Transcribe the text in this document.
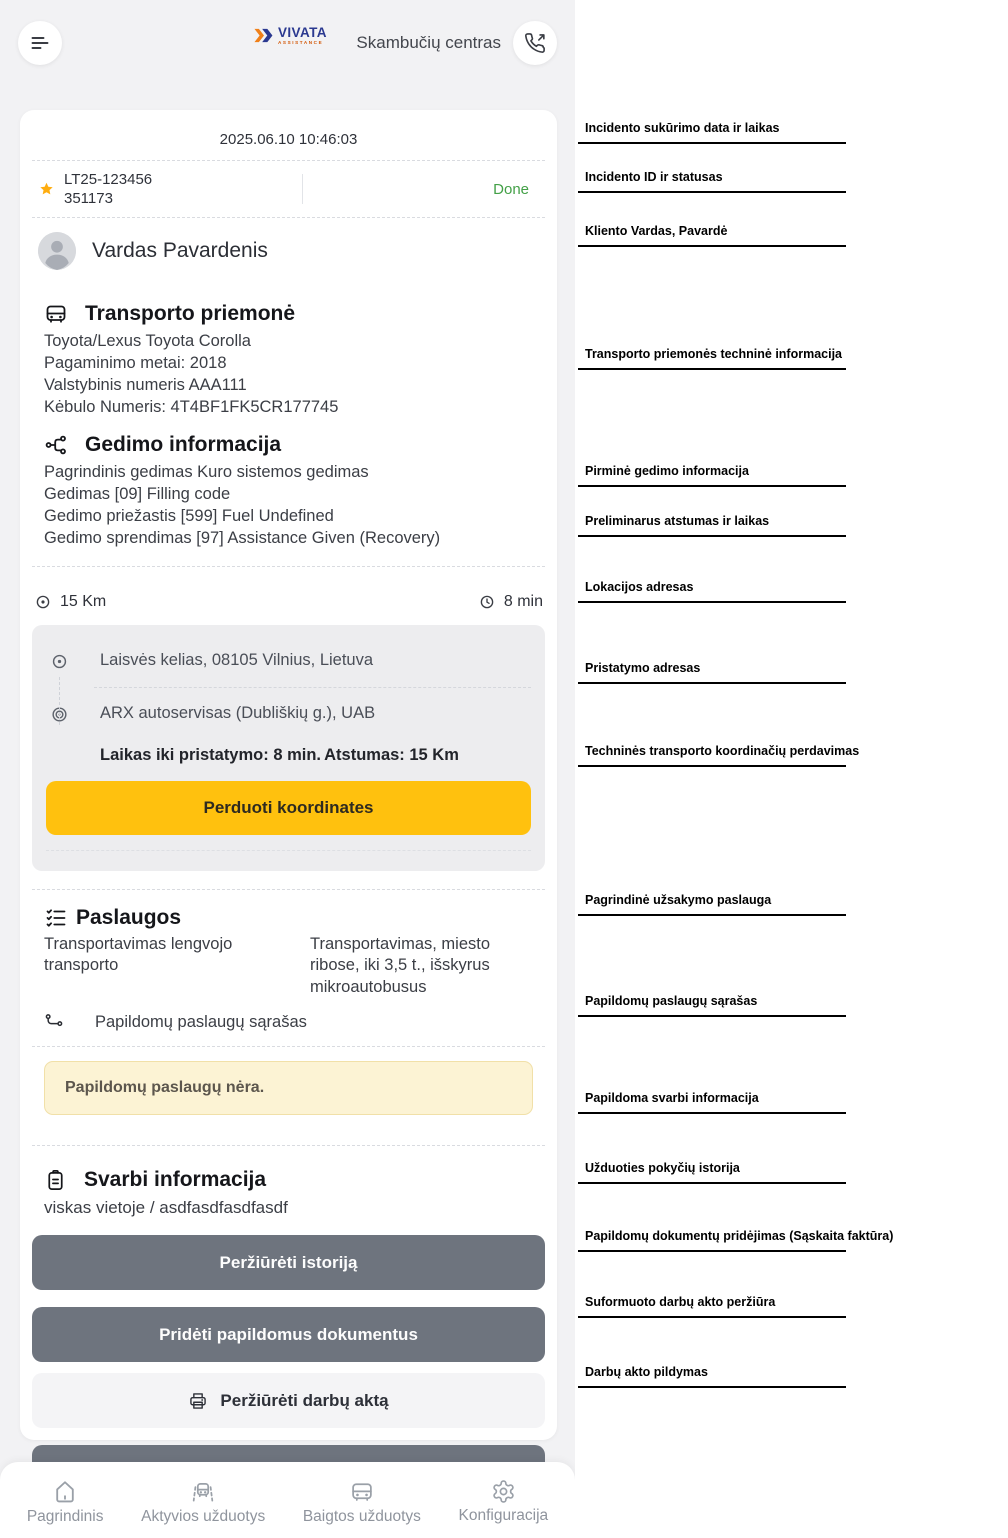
VIVATA
ASSISTANCE Skambučių centras
2025.06.10 10:46:03
LT25-123456
351173
Done
Vardas Pavardenis
Transporto priemonė
Toyota/Lexus Toyota Corolla
Pagaminimo metai: 2018
Valstybinis numeris AAA111
Kėbulo Numeris: 4T4BF1FK5CR177745
Gedimo informacija
Pagrindinis gedimas Kuro sistemos gedimas
Gedimas [09] Filling code
Gedimo priežastis [599] Fuel Undefined
Gedimo sprendimas [97] Assistance Given (Recovery)
15 Km	8 min
Laisvės kelias, 08105 Vilnius, Lietuva
ARX autoservisas (Dubliškių g.), UAB
Laikas iki pristatymo: 8 min. Atstumas: 15 Km
Perduoti koordinates
Paslaugos
Transportavimas lengvojo transporto
Transportavimas, miesto ribose, iki 3,5 t., išskyrus mikroautobusus
Papildomų paslaugų sąrašas
Papildomų paslaugų nėra.
Svarbi informacija
viskas vietoje / asdfasdfasdfasdf
Peržiūrėti istoriją
Pridėti papildomus dokumentus
Peržiūrėti darbų aktą
Pagrindinis Aktyvios užduotys Baigtos užduotys Konfiguracija
Incidento sukūrimo data ir laikas
Incidento ID ir statusas
Kliento Vardas, Pavardė
Transporto priemonės techninė informacija
Pirminė gedimo informacija
Preliminarus atstumas ir laikas
Lokacijos adresas
Pristatymo adresas
Techninės transporto koordinačių perdavimas
Pagrindinė užsakymo paslauga
Papildomų paslaugų sąrašas
Papildoma svarbi informacija
Užduoties pokyčių istorija
Papildomų dokumentų pridėjimas (Sąskaita faktūra)
Suformuoto darbų akto peržiūra
Darbų akto pildymas
